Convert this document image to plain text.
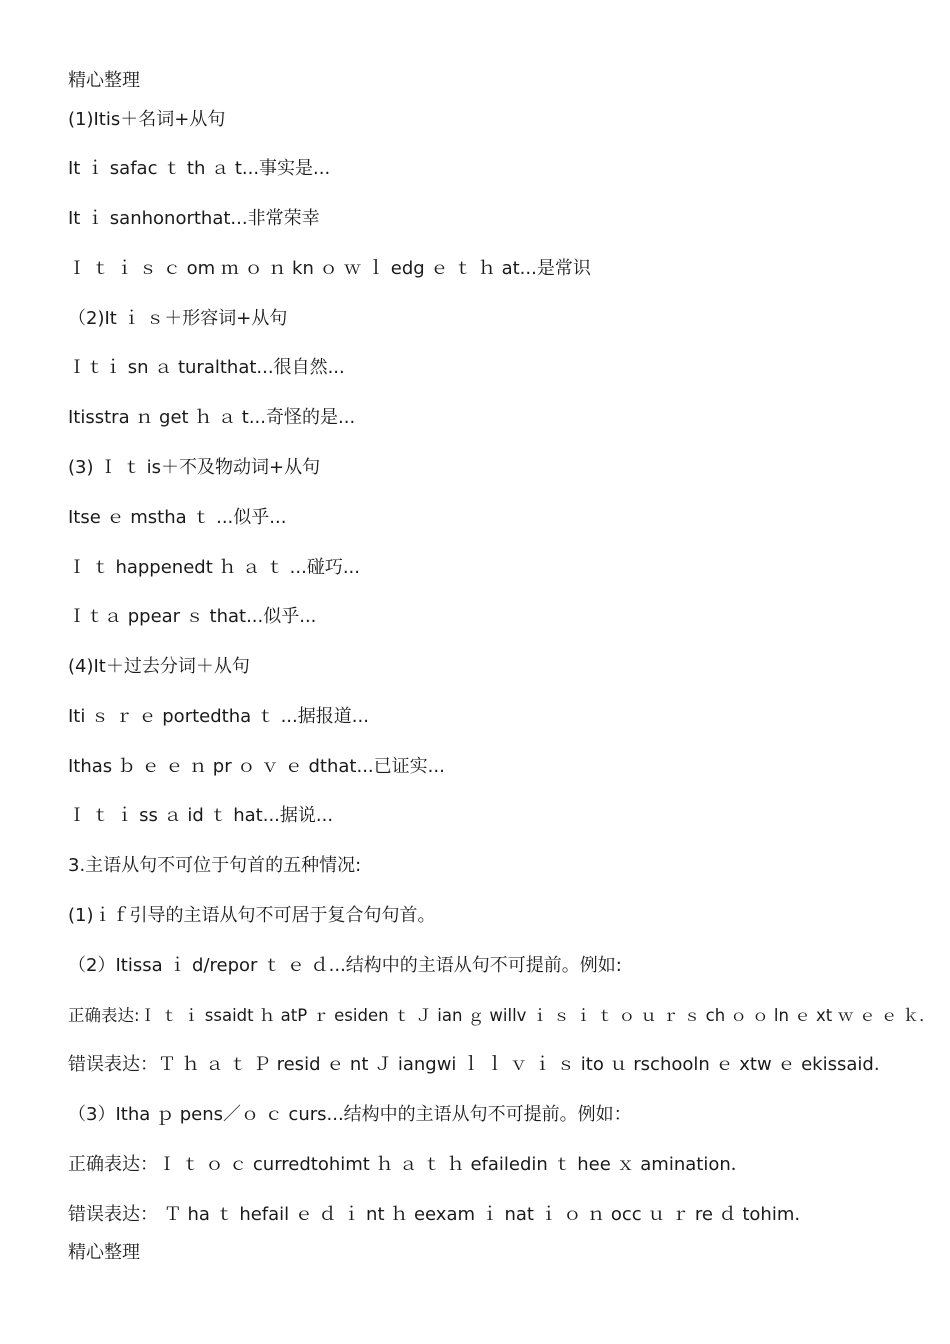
精心整理
(1)Itis＋名词+从句
It ｉ safac ｔ th ａ t...事实是...
It ｉ sanhonorthat...非常荣幸
Ｉ ｔ ｉ ｓ ｃ om ｍ ｏ ｎ kn ｏ ｗ ｌ edg ｅ ｔ ｈ at...是常识
（2)It ｉ ｓ＋形容词+从句
Ｉｔｉ sn ａ turalthat...很自然...
Itisstra ｎ get ｈ ａ t...奇怪的是...
(3) Ｉ ｔ is＋不及物动词+从句
Itse ｅ mstha ｔ ...似乎...
Ｉ ｔ happenedt ｈ ａ ｔ ...碰巧...
Ｉｔａ ppear ｓ that...似乎...
(4)It＋过去分词＋从句
Iti ｓ ｒ ｅ portedtha ｔ ...据报道...
Ithas ｂ ｅ ｅ ｎ pr ｏ ｖ ｅ dthat...已证实...
Ｉ ｔ ｉ ss ａ id ｔ hat...据说...
3.主语从句不可位于句首的五种情况:
(1)ｉｆ引导的主语从句不可居于复合句句首。
（2）Itissa ｉ d/repor ｔ ｅ ｄ...结构中的主语从句不可提前。例如:
正确表达:Ｉ ｔ ｉ ssaidt ｈ atP ｒ esiden ｔ Ｊ ian ｇ willv ｉ ｓ ｉ ｔ ｏ ｕ ｒ ｓ ch ｏ ｏ ln ｅ xt ｗ ｅ ｅ ｋ．
错误表达：Ｔ ｈ ａ ｔ Ｐ resid ｅ nt Ｊ iangwi ｌ ｌ ｖ ｉ ｓ ito ｕ rschooln ｅ xtw ｅ ekissaid.
（3）Itha ｐ pens／ｏ ｃ curs...结构中的主语从句不可提前。例如：
正确表达：Ｉ ｔ ｏ ｃ curredtohimt ｈ ａ ｔ ｈ efailedin ｔ hee ｘ amination．
错误表达： Ｔ ha ｔ hefail ｅ ｄ ｉ nt ｈ eexam ｉ nat ｉ ｏ ｎ occ ｕ ｒ re ｄ tohim.
精心整理
